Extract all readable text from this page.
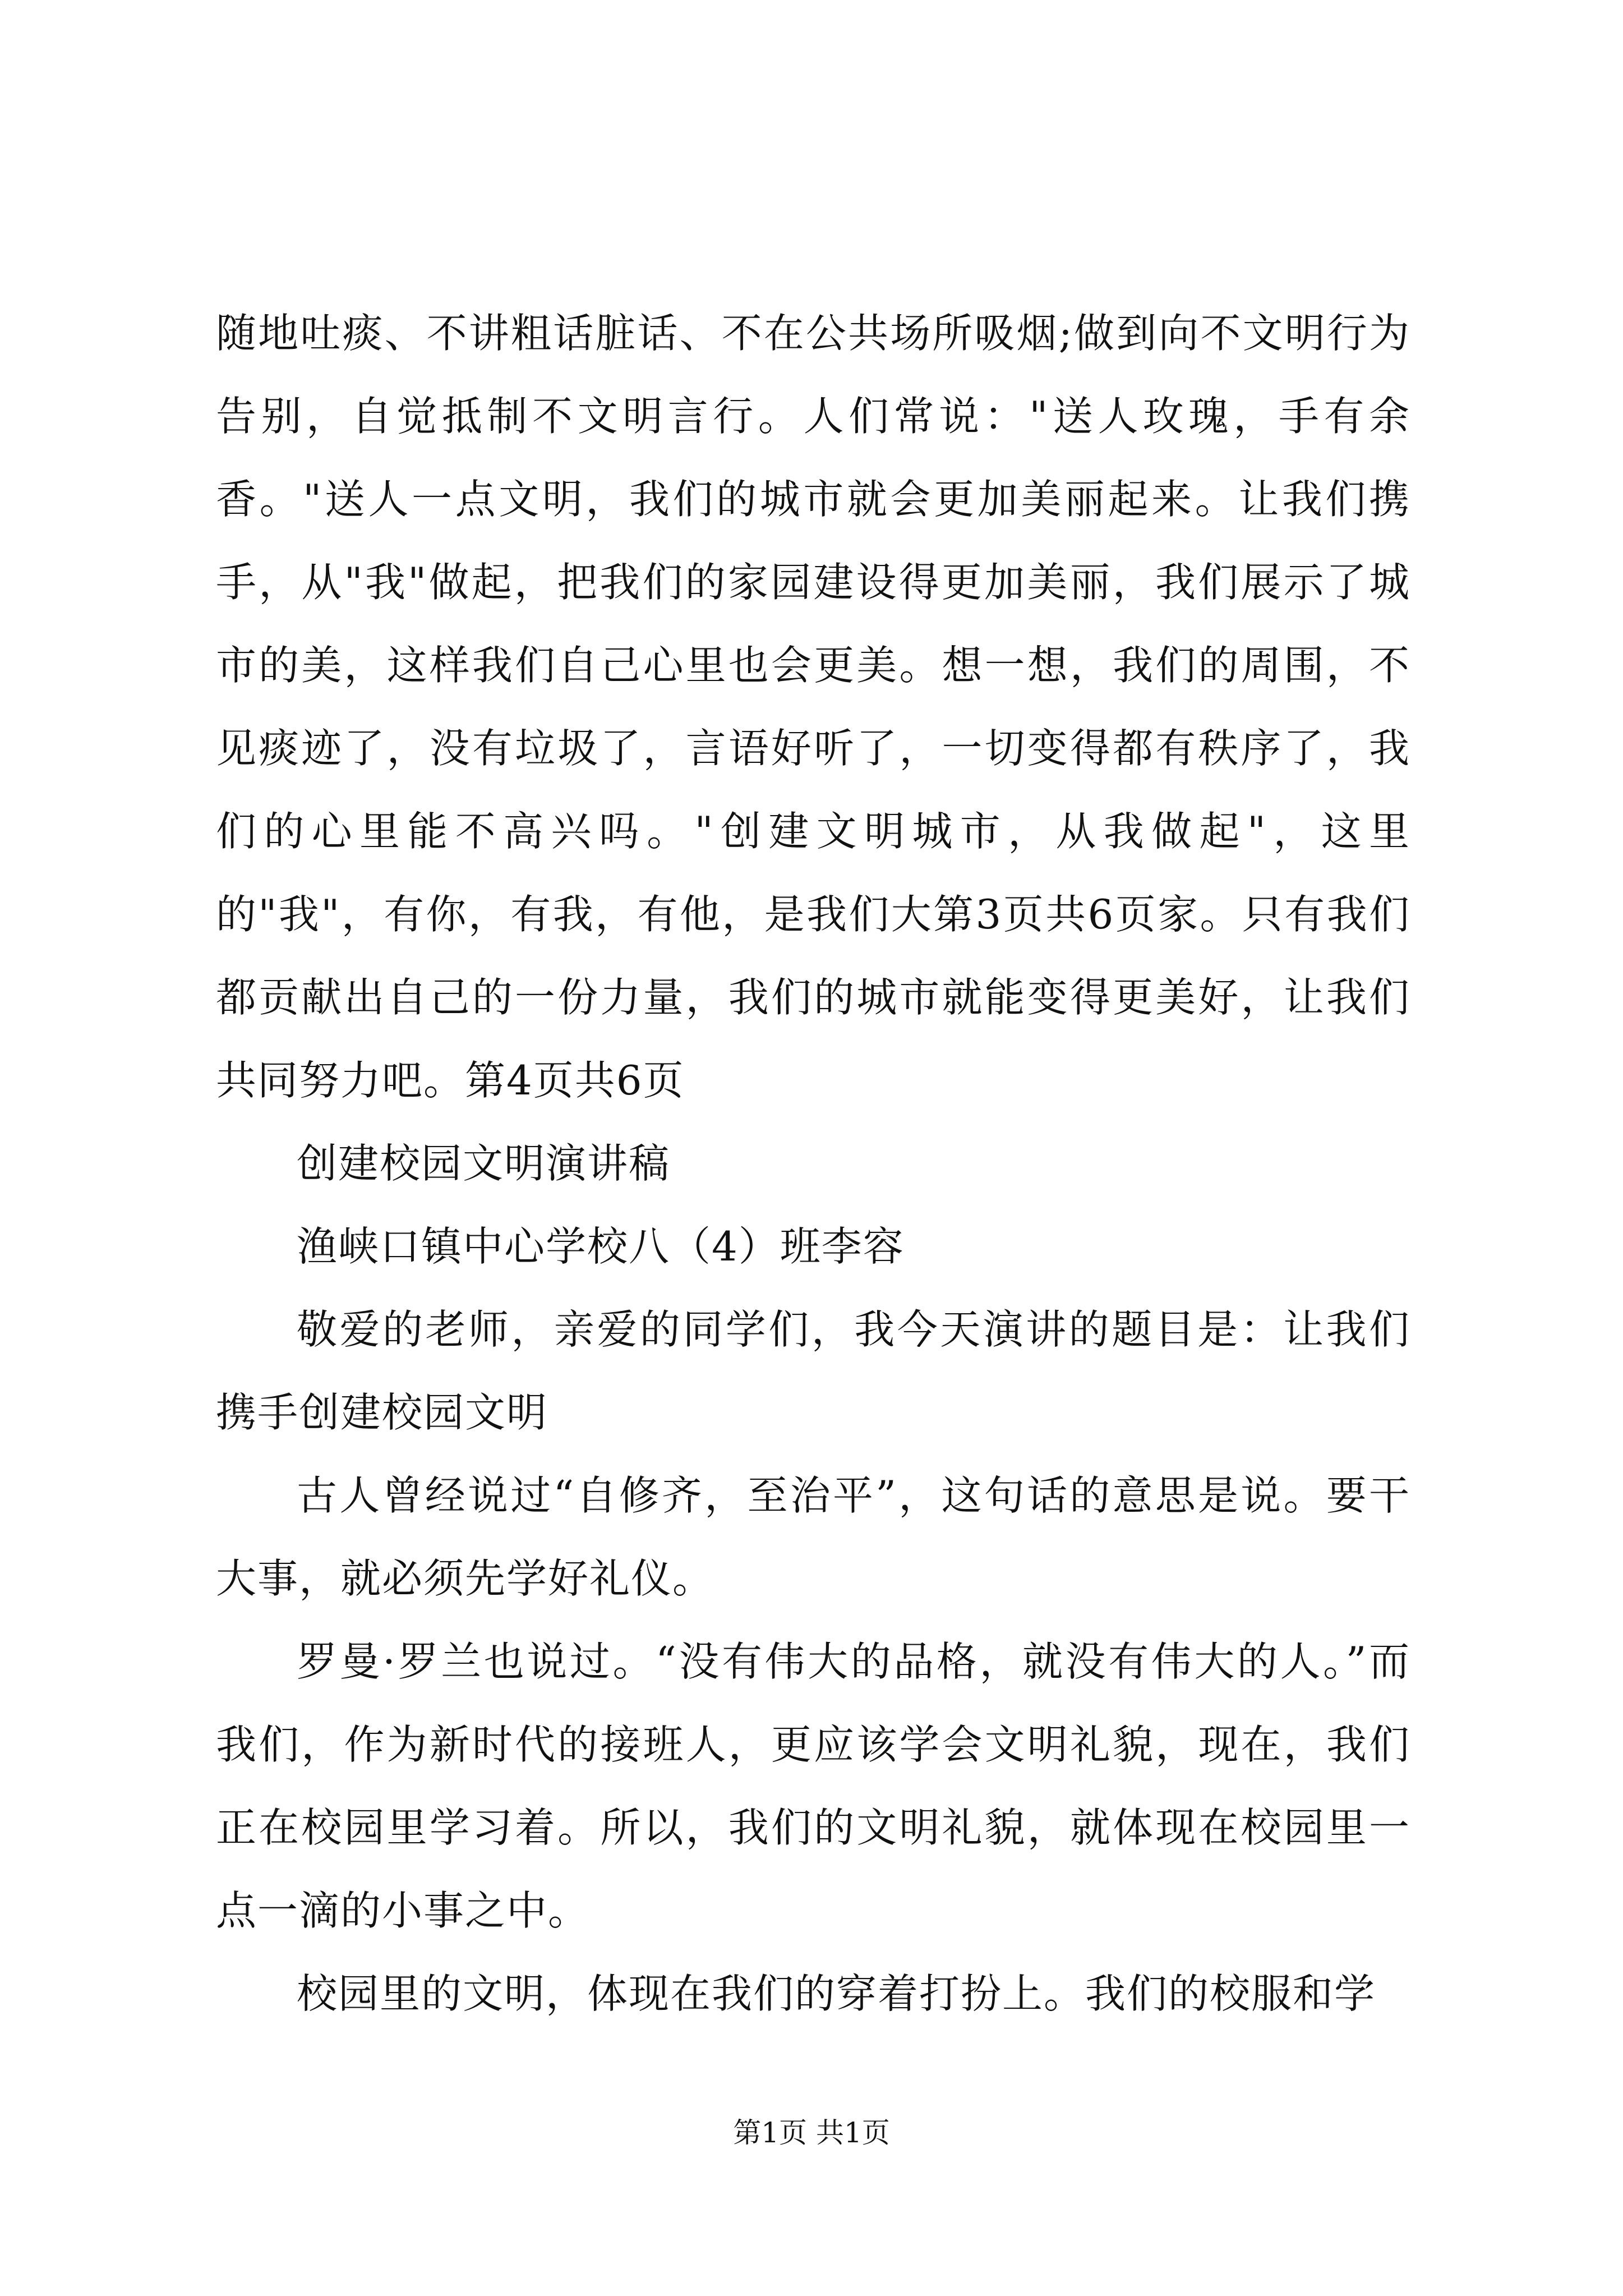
随地吐痰、不讲粗话脏话、不在公共场所吸烟;做到向不文明行为告别，自觉抵制不文明言行。人们常说："送人玫瑰，手有余香。"送人一点文明，我们的城市就会更加美丽起来。让我们携手，从"我"做起，把我们的家园建设得更加美丽，我们展示了城市的美，这样我们自己心里也会更美。想一想，我们的周围，不见痰迹了，没有垃圾了，言语好听了，一切变得都有秩序了，我们的心里能不高兴吗。"创建文明城市，从我做起"，这里的"我"，有你，有我，有他，是我们大第3页共6页家。只有我们都贡献出自己的一份力量，我们的城市就能变得更美好，让我们共同努力吧。第4页共6页

创建校园文明演讲稿

渔峡口镇中心学校八（4）班李容

敬爱的老师，亲爱的同学们，我今天演讲的题目是：让我们携手创建校园文明

古人曾经说过“自修齐，至治平”，这句话的意思是说。要干大事，就必须先学好礼仪。

罗曼·罗兰也说过。“没有伟大的品格，就没有伟大的人。”而我们，作为新时代的接班人，更应该学会文明礼貌，现在，我们正在校园里学习着。所以，我们的文明礼貌，就体现在校园里一点一滴的小事之中。

校园里的文明，体现在我们的穿着打扮上。我们的校服和学

第1页 共1页
